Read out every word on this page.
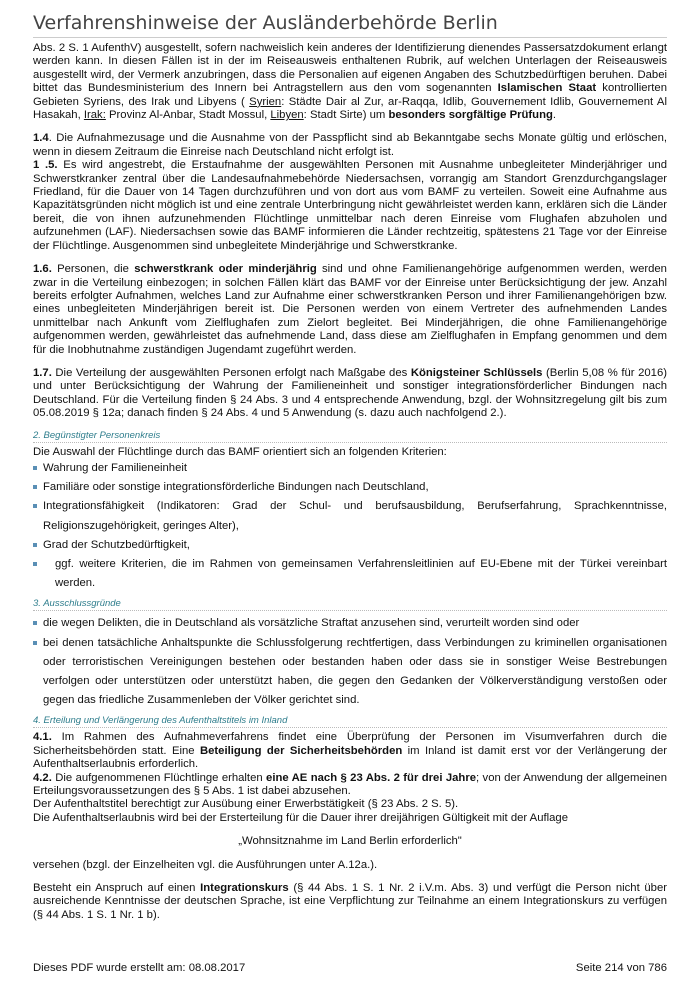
Verfahrenshinweise der Ausländerbehörde Berlin

Abs. 2 S. 1 AufenthV) ausgestellt, sofern nachweislich kein anderes der Identifizierung dienendes Passersatzdokument erlangt werden kann. In diesen Fällen ist in der im Reiseausweis enthaltenen Rubrik, auf welchen Unterlagen der Reiseausweis ausgestellt wird, der Vermerk anzubringen, dass die Personalien auf eigenen Angaben des Schutzbedürftigen beruhen. Dabei bittet das Bundesministerium des Innern bei Antragstellern aus den vom sogenannten Islamischen Staat kontrollierten Gebieten Syriens, des Irak und Libyens ( Syrien: Städte Dair al Zur, ar-Raqqa, Idlib, Gouvernement Idlib, Gouvernement Al Hasakah, Irak: Provinz Al-Anbar, Stadt Mossul, Libyen: Stadt Sirte) um besonders sorgfältige Prüfung.

1.4. Die Aufnahmezusage und die Ausnahme von der Passpflicht sind ab Bekanntgabe sechs Monate gültig und erlöschen, wenn in diesem Zeitraum die Einreise nach Deutschland nicht erfolgt ist.

1 .5. Es wird angestrebt, die Erstaufnahme der ausgewählten Personen mit Ausnahme unbegleiteter Minderjähriger und Schwerstkranker zentral über die Landesaufnahmebehörde Niedersachsen, vorrangig am Standort Grenzdurchgangslager Friedland, für die Dauer von 14 Tagen durchzuführen und von dort aus vom BAMF zu verteilen. Soweit eine Aufnahme aus Kapazitätsgründen nicht möglich ist und eine zentrale Unterbringung nicht gewährleistet werden kann, erklären sich die Länder bereit, die von ihnen aufzunehmenden Flüchtlinge unmittelbar nach deren Einreise vom Flughafen abzuholen und aufzunehmen (LAF). Niedersachsen sowie das BAMF informieren die Länder rechtzeitig, spätestens 21 Tage vor der Einreise der Flüchtlinge. Ausgenommen sind unbegleitete Minderjährige und Schwerstkranke.

1.6. Personen, die schwerstkrank oder minderjährig sind und ohne Familienangehörige aufgenommen werden, werden zwar in die Verteilung einbezogen; in solchen Fällen klärt das BAMF vor der Einreise unter Berücksichtigung der jew. Anzahl bereits erfolgter Aufnahmen, welches Land zur Aufnahme einer schwerstkranken Person und ihrer Familienangehörigen bzw. eines unbegleiteten Minderjährigen bereit ist. Die Personen werden von einem Vertreter des aufnehmenden Landes unmittelbar nach Ankunft vom Zielflughafen zum Zielort begleitet. Bei Minderjährigen, die ohne Familienangehörige aufgenommen werden, gewährleistet das aufnehmende Land, dass diese am Zielflughafen in Empfang genommen und dem für die Inobhutnahme zuständigen Jugendamt zugeführt werden.

1.7. Die Verteilung der ausgewählten Personen erfolgt nach Maßgabe des Königsteiner Schlüssels (Berlin 5,08 % für 2016) und unter Berücksichtigung der Wahrung der Familieneinheit und sonstiger integrationsförderlicher Bindungen nach Deutschland. Für die Verteilung finden § 24 Abs. 3 und 4 entsprechende Anwendung, bzgl. der Wohnsitzregelung gilt bis zum 05.08.2019 § 12a; danach finden § 24 Abs. 4 und 5 Anwendung (s. dazu auch nachfolgend 2.).

2. Begünstigter Personenkreis

Die Auswahl der Flüchtlinge durch das BAMF orientiert sich an folgenden Kriterien:

Wahrung der Familieneinheit
Familiäre oder sonstige integrationsförderliche Bindungen nach Deutschland,
Integrationsfähigkeit (Indikatoren: Grad der Schul- und berufsausbildung, Berufserfahrung, Sprachkenntnisse, Religionszugehörigkeit, geringes Alter),
Grad der Schutzbedürftigkeit,
ggf. weitere Kriterien, die im Rahmen von gemeinsamen Verfahrensleitlinien auf EU-Ebene mit der Türkei vereinbart werden.
3. Ausschlussgründe
die wegen Delikten, die in Deutschland als vorsätzliche Straftat anzusehen sind, verurteilt worden sind oder
bei denen tatsächliche Anhaltspunkte die Schlussfolgerung rechtfertigen, dass Verbindungen zu kriminellen organisationen oder terroristischen Vereinigungen bestehen oder bestanden haben oder dass sie in sonstiger Weise Bestrebungen verfolgen oder unterstützen oder unterstützt haben, die gegen den Gedanken der Völkerverständigung verstoßen oder gegen das friedliche Zusammenleben der Völker gerichtet sind.
4. Erteilung und Verlängerung des Aufenthaltstitels im Inland

4.1. Im Rahmen des Aufnahmeverfahrens findet eine Überprüfung der Personen im Visumverfahren durch die Sicherheitsbehörden statt. Eine Beteiligung der Sicherheitsbehörden im Inland ist damit erst vor der Verlängerung der Aufenthaltserlaubnis erforderlich.

4.2. Die aufgenommenen Flüchtlinge erhalten eine AE nach § 23 Abs. 2 für drei Jahre; von der Anwendung der allgemeinen Erteilungsvoraussetzungen des § 5 Abs. 1 ist dabei abzusehen.

Der Aufenthaltstitel berechtigt zur Ausübung einer Erwerbstätigkeit (§ 23 Abs. 2 S. 5).

Die Aufenthaltserlaubnis wird bei der Ersterteilung für die Dauer ihrer dreijährigen Gültigkeit mit der Auflage

„Wohnsitznahme im Land Berlin erforderlich"

versehen (bzgl. der Einzelheiten vgl. die Ausführungen unter A.12a.).

Besteht ein Anspruch auf einen Integrationskurs (§ 44 Abs. 1 S. 1 Nr. 2 i.V.m. Abs. 3) und verfügt die Person nicht über ausreichende Kenntnisse der deutschen Sprache, ist eine Verpflichtung zur Teilnahme an einem Integrationskurs zu verfügen (§ 44 Abs. 1 S. 1 Nr. 1 b).

Dieses PDF wurde erstellt am: 08.08.2017	Seite 214 von 786
